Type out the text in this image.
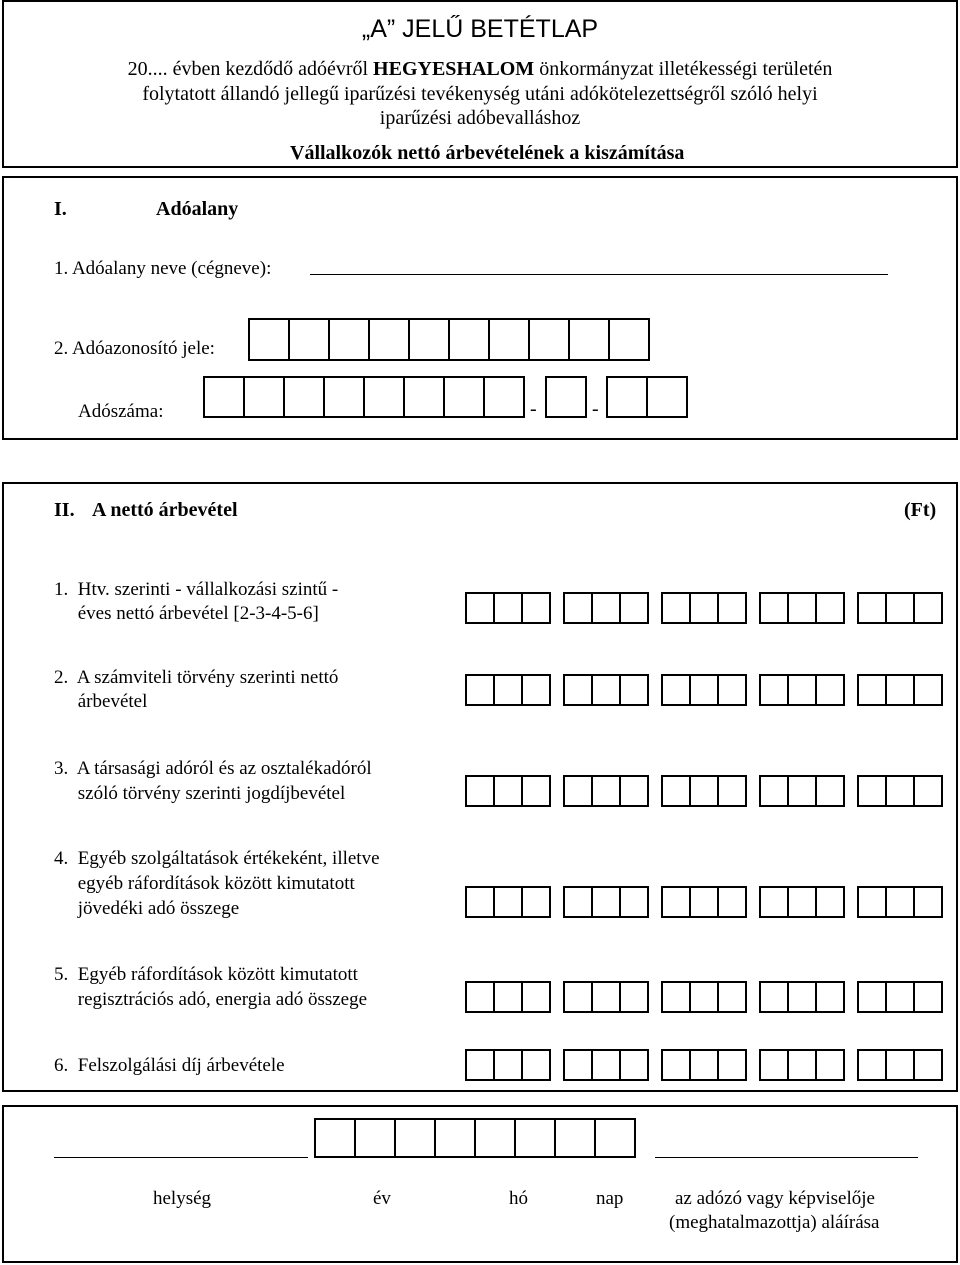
„A” JELŰ BETÉTLAP
20.... évben kezdődő adóévről HEGYESHALOM önkormányzat illetékességi területén
folytatott állandó jellegű iparűzési tevékenység utáni adókötelezettségről szóló helyi
iparűzési adóbevalláshoz
Vállalkozók nettó árbevételének a kiszámítása
I.	Adóalany
1. Adóalany neve (cégneve):
2. Adóazonosító jele:
Adószáma:	-	-
II. A nettó árbevétel	(Ft)
1.  Htv. szerinti - vállalkozási szintű -
éves nettó árbevétel [2-3-4-5-6]
2.  A számviteli törvény szerinti nettó
árbevétel
3.  A társasági adóról és az osztalékadóról
szóló törvény szerinti jogdíjbevétel
4.  Egyéb szolgáltatások értékeként, illetve
egyéb ráfordítások között kimutatott
jövedéki adó összege
5.  Egyéb ráfordítások között kimutatott
regisztrációs adó, energia adó összege
6.  Felszolgálási díj árbevétele
helység	év	hó	nap	az adózó vagy képviselője
(meghatalmazottja) aláírása
